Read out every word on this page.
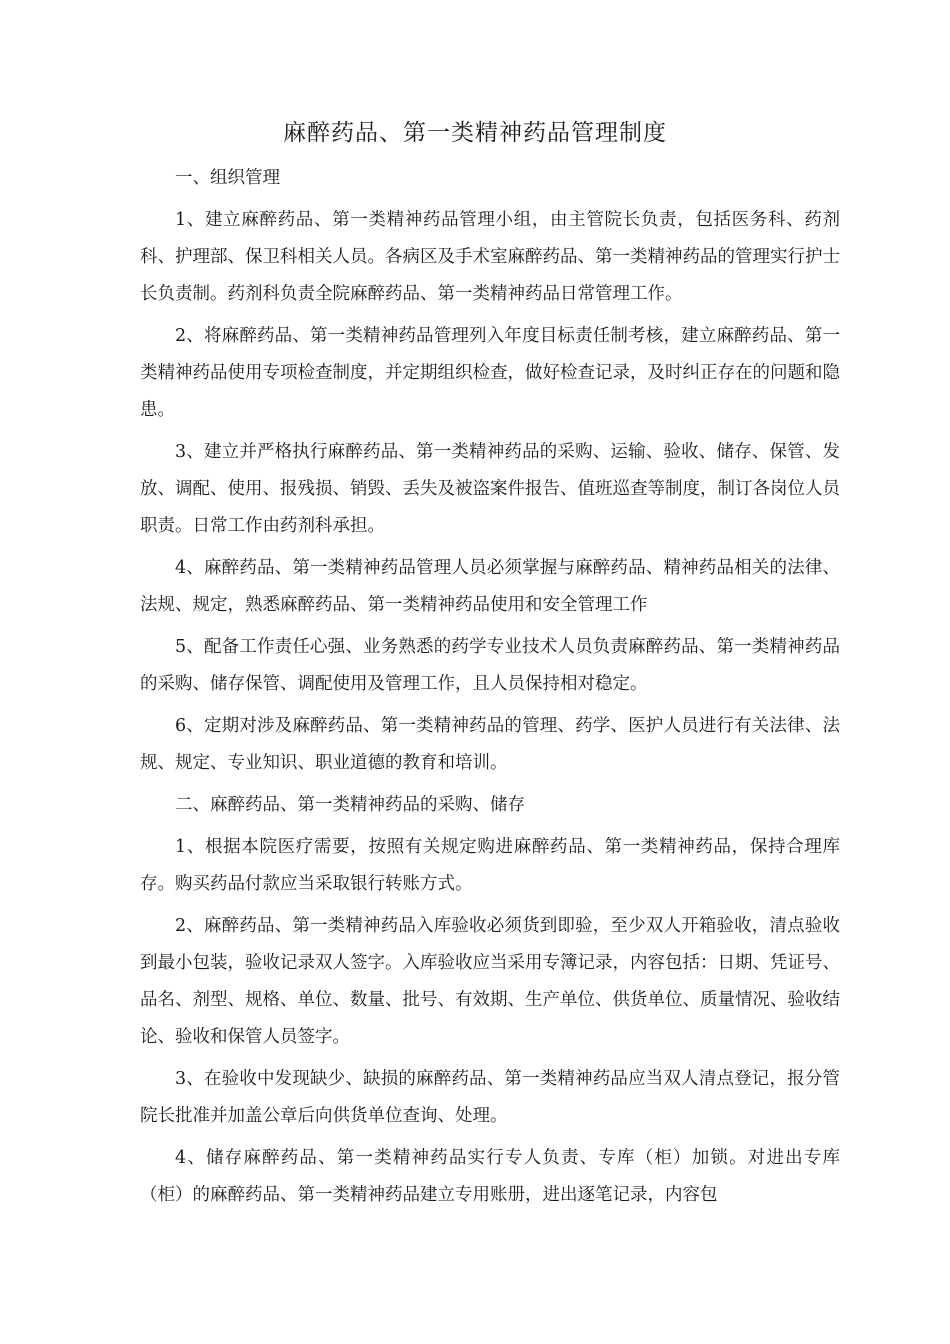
麻醉药品、第一类精神药品管理制度

一、组织管理

1、建立麻醉药品、第一类精神药品管理小组，由主管院长负责，包括医务科、药剂科、护理部、保卫科相关人员。各病区及手术室麻醉药品、第一类精神药品的管理实行护士长负责制。药剂科负责全院麻醉药品、第一类精神药品日常管理工作。

2、将麻醉药品、第一类精神药品管理列入年度目标责任制考核，建立麻醉药品、第一类精神药品使用专项检查制度，并定期组织检查，做好检查记录，及时纠正存在的问题和隐患。

3、建立并严格执行麻醉药品、第一类精神药品的采购、运输、验收、储存、保管、发放、调配、使用、报残损、销毁、丢失及被盗案件报告、值班巡查等制度，制订各岗位人员职责。日常工作由药剂科承担。

4、麻醉药品、第一类精神药品管理人员必须掌握与麻醉药品、精神药品相关的法律、法规、规定，熟悉麻醉药品、第一类精神药品使用和安全管理工作

5、配备工作责任心强、业务熟悉的药学专业技术人员负责麻醉药品、第一类精神药品的采购、储存保管、调配使用及管理工作，且人员保持相对稳定。

6、定期对涉及麻醉药品、第一类精神药品的管理、药学、医护人员进行有关法律、法规、规定、专业知识、职业道德的教育和培训。

二、麻醉药品、第一类精神药品的采购、储存

1、根据本院医疗需要，按照有关规定购进麻醉药品、第一类精神药品，保持合理库存。购买药品付款应当采取银行转账方式。

2、麻醉药品、第一类精神药品入库验收必须货到即验，至少双人开箱验收，清点验收到最小包装，验收记录双人签字。入库验收应当采用专簿记录，内容包括：日期、凭证号、品名、剂型、规格、单位、数量、批号、有效期、生产单位、供货单位、质量情况、验收结论、验收和保管人员签字。

3、在验收中发现缺少、缺损的麻醉药品、第一类精神药品应当双人清点登记，报分管院长批准并加盖公章后向供货单位查询、处理。

4、储存麻醉药品、第一类精神药品实行专人负责、专库（柜）加锁。对进出专库（柜）的麻醉药品、第一类精神药品建立专用账册，进出逐笔记录，内容包
